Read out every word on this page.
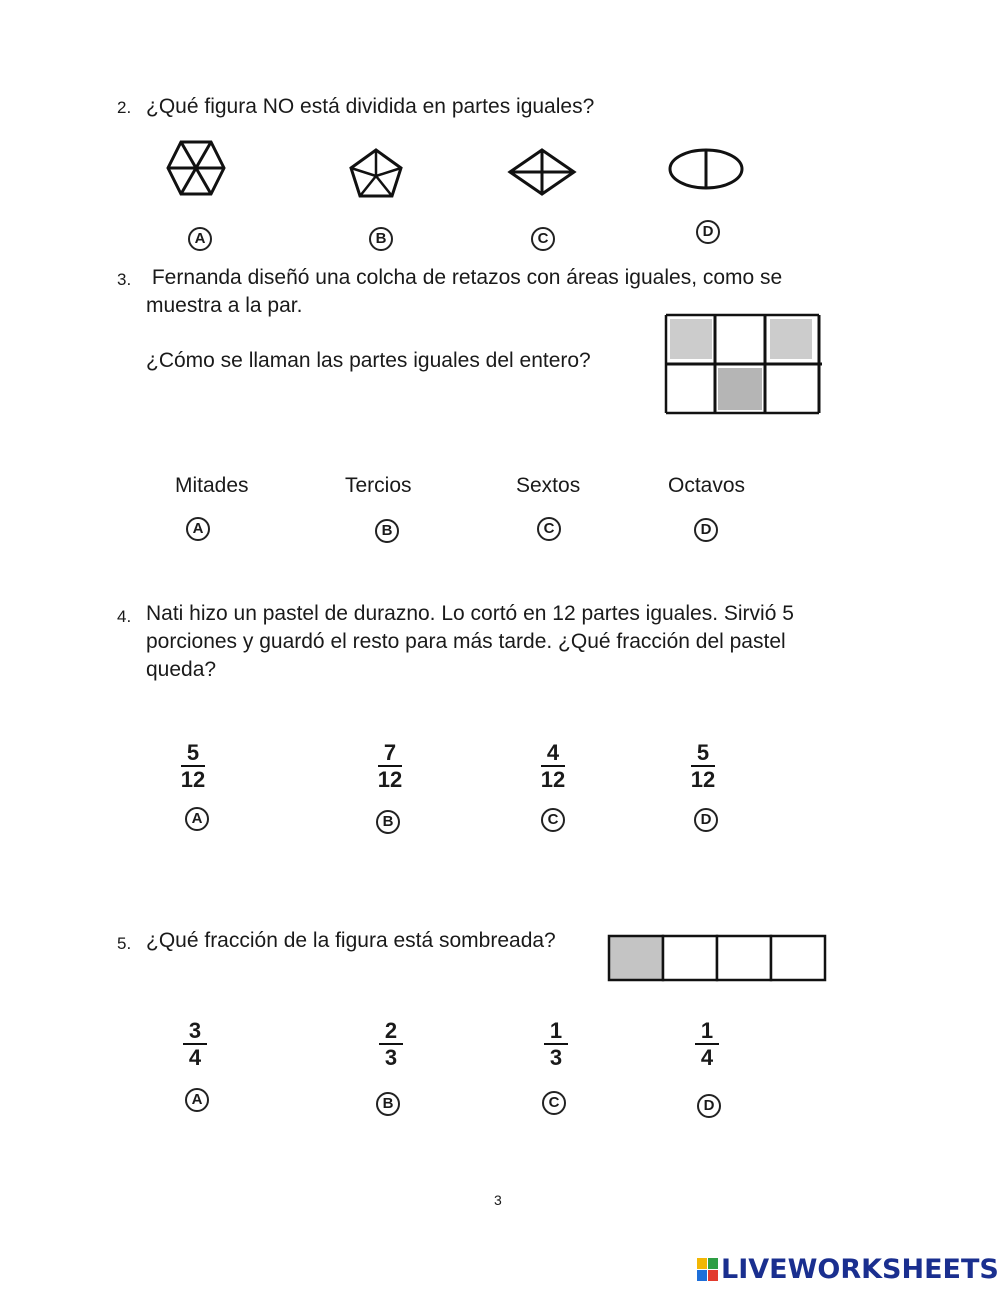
2. ¿Qué figura NO está dividida en partes iguales?
A	B	C	D
3. Fernanda diseñó una colcha de retazos con áreas iguales, como se
muestra a la par.
¿Cómo se llaman las partes iguales del entero?
Mitades	Tercios	Sextos	Octavos
A	B	C	D
4. Nati hizo un pastel de durazno. Lo cortó en 12 partes iguales. Sirvió 5
porciones y guardó el resto para más tarde. ¿Qué fracción del pastel
queda?
$\frac{5}{12}$	$\frac{7}{12}$	$\frac{4}{12}$	$\frac{5}{12}$
A	B	C	D
5. ¿Qué fracción de la figura está sombreada?
$\frac{3}{4}$	$\frac{2}{3}$	$\frac{1}{3}$	$\frac{1}{4}$
A	B	C	D
3
LIVEWORKSHEETS
